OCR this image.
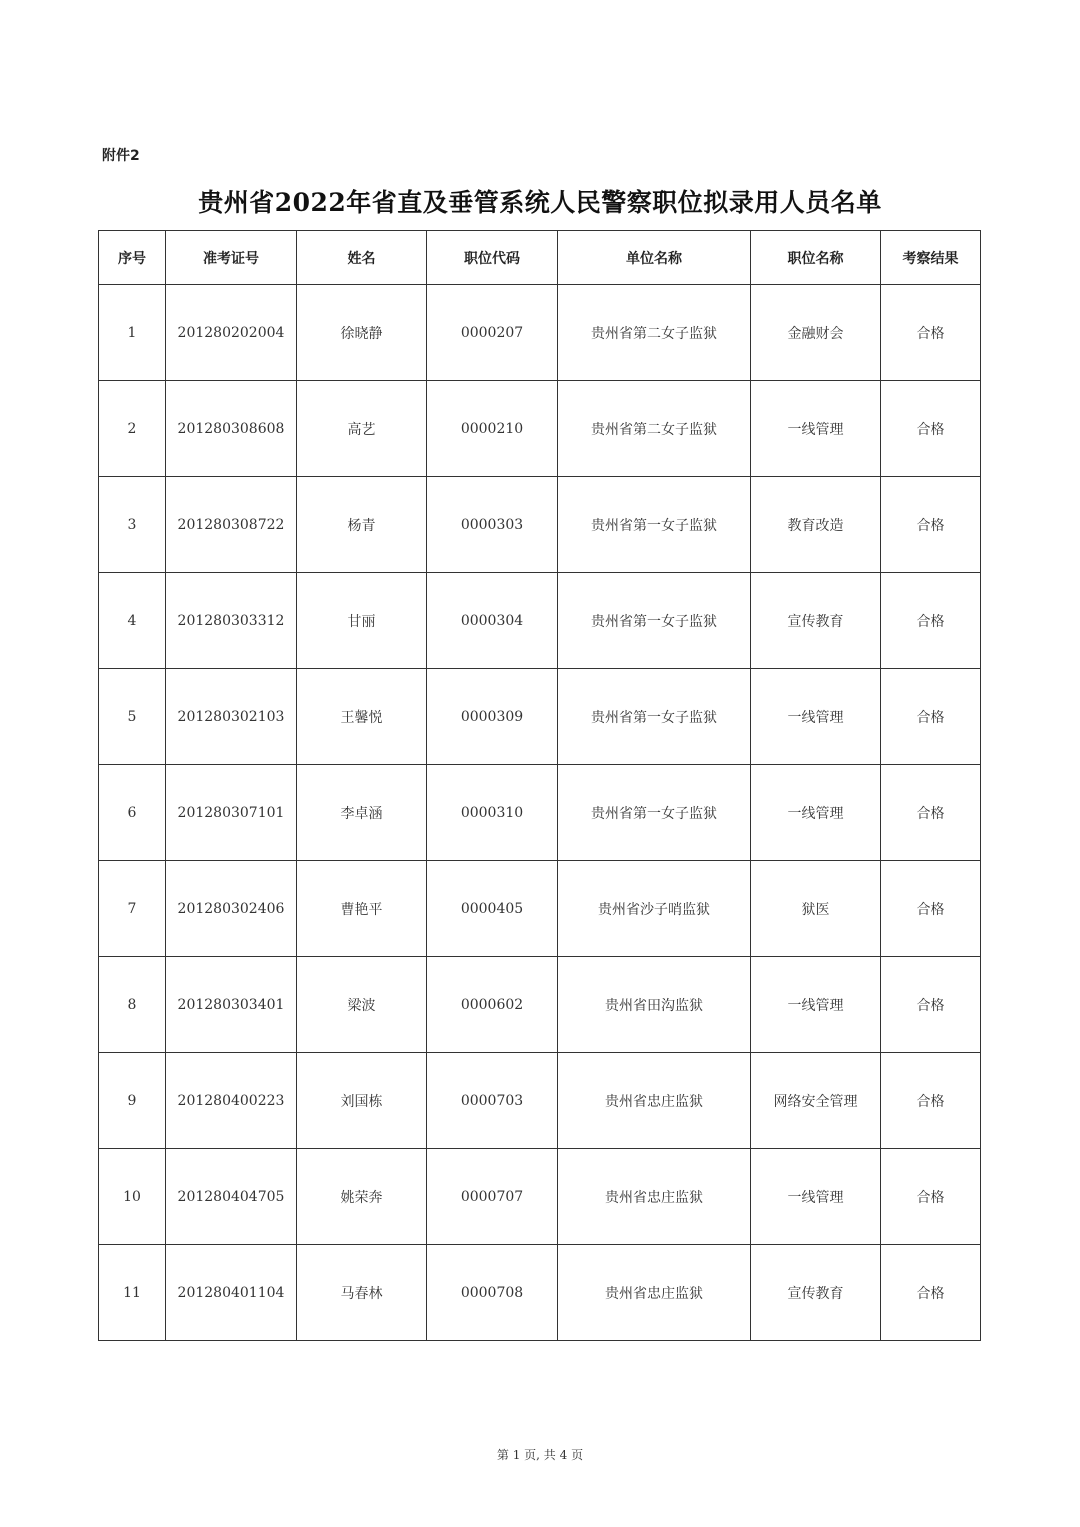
附件2
贵州省2022年省直及垂管系统人民警察职位拟录用人员名单
序号	准考证号	姓名	职位代码	单位名称	职位名称	考察结果
1	201280202004	徐晓静	0000207	贵州省第二女子监狱	金融财会	合格
2	201280308608	高艺	0000210	贵州省第二女子监狱	一线管理	合格
3	201280308722	杨青	0000303	贵州省第一女子监狱	教育改造	合格
4	201280303312	甘丽	0000304	贵州省第一女子监狱	宣传教育	合格
5	201280302103	王馨悦	0000309	贵州省第一女子监狱	一线管理	合格
6	201280307101	李卓涵	0000310	贵州省第一女子监狱	一线管理	合格
7	201280302406	曹艳平	0000405	贵州省沙子哨监狱	狱医	合格
8	201280303401	梁波	0000602	贵州省田沟监狱	一线管理	合格
9	201280400223	刘国栋	0000703	贵州省忠庄监狱	网络安全管理	合格
10	201280404705	姚荣奔	0000707	贵州省忠庄监狱	一线管理	合格
11	201280401104	马春林	0000708	贵州省忠庄监狱	宣传教育	合格
第 1 页, 共 4 页
